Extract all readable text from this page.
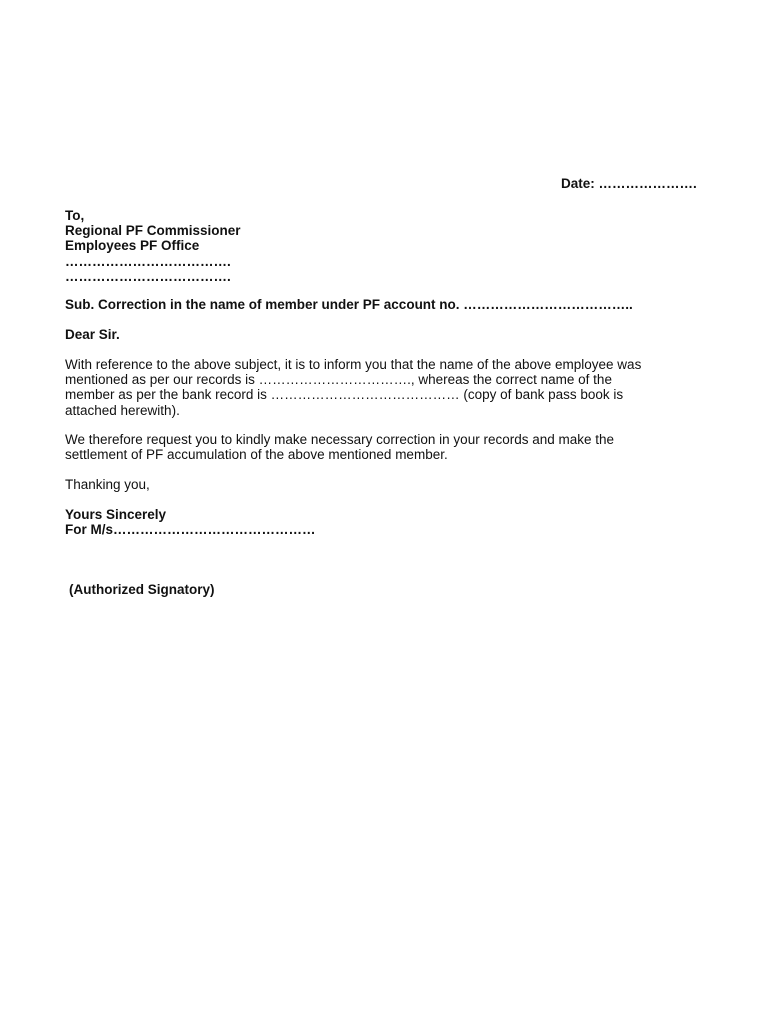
Date: ………………….
To,
Regional PF Commissioner
Employees PF Office
……………………………….
……………………………….
Sub. Correction in the name of member under PF account no. ………………………………..
Dear Sir.
With reference to the above subject, it is to inform you that the name of the above employee was
mentioned as per our records is ……………………………., whereas the correct name of the
member as per the bank record is …………………………………… (copy of bank pass book is
attached herewith).
We therefore request you to kindly make necessary correction in your records and make the
settlement of PF accumulation of the above mentioned member.
Thanking you,
Yours Sincerely
For M/s………………………………………
(Authorized Signatory)
